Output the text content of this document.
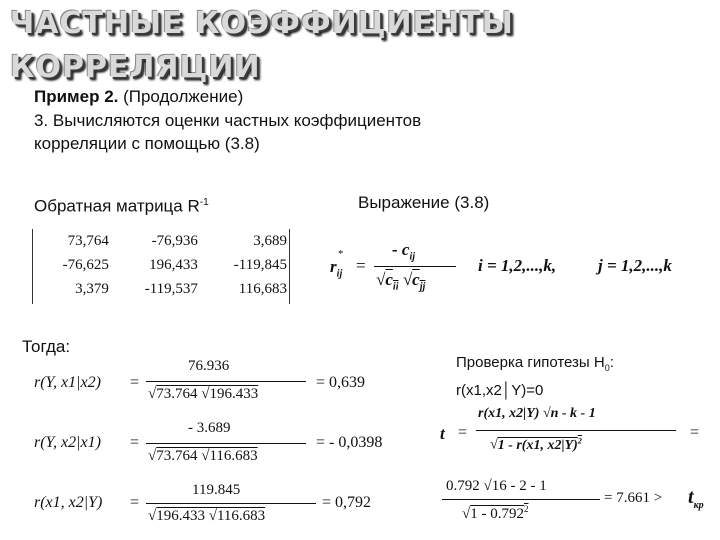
ЧАСТНЫЕ КОЭФФИЦИЕНТЫ
КОРРЕЛЯЦИИ
Пример 2. (Продолжение)
3. Вычисляются оценки частных коэффициентов
корреляции с помощью (3.8)
Обратная матрица $R^{-1}$	Выражение (3.8)
73,764	-76,936	3,689
-76,625	196,433	-119,845
3,379	-119,537	116,683
$r_{ij}$
*
=
- $c_{ij}$
$√c_{ii}$ $√c_{jj}$
i = 1,2,...,k, j = 1,2,...,k
Тогда:
r(Y, x1|x2) =
76.936
√73.764 √196.433
= 0,639
r(Y, x2|x1) =
- 3.689
√73.764 √116.683
= - 0,0398
r(x1, x2|Y) =
119.845
√196.433 √116.683
= 0,792
Проверка гипотезы $H_0$:
r(x1,x2│Y)=0
t =
r(x1, x2|Y) √n - k - 1
√1 - r(x1, x2|Y)$^2$	=
0.792 √16 - 2 - 1
$√1 - 0.792^2$
= $7.661 > t_{кр}$
